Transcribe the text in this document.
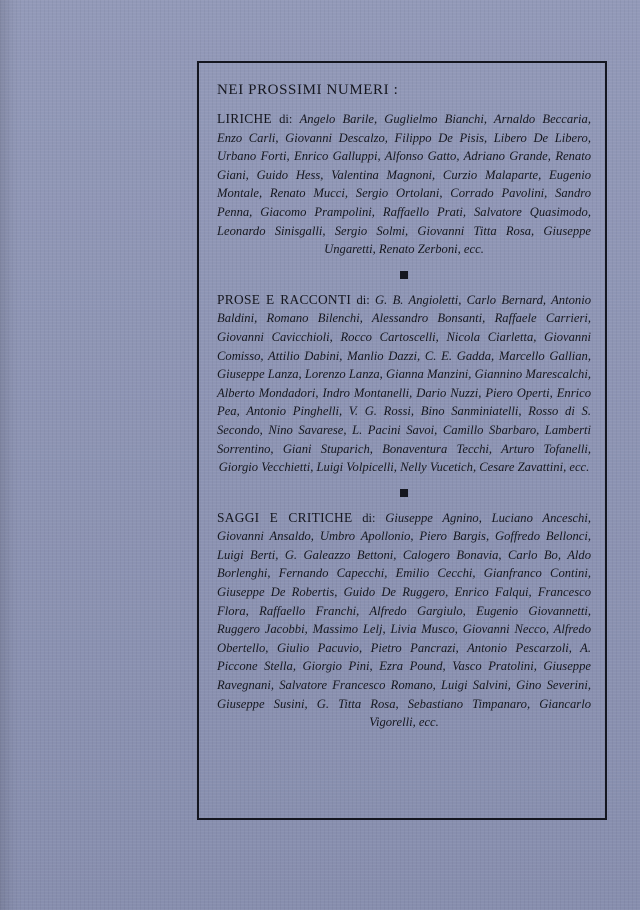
NEI PROSSIMI NUMERI :

LIRICHE di: Angelo Barile, Guglielmo Bianchi, Arnaldo Beccaria, Enzo Carli, Giovanni Descalzo, Filippo De Pisis, Libero De Libero, Urbano Forti, Enrico Galluppi, Alfonso Gatto, Adriano Grande, Renato Giani, Guido Hess, Valentina Magnoni, Curzio Malaparte, Eugenio Montale, Renato Mucci, Sergio Ortolani, Corrado Pavolini, Sandro Penna, Giacomo Prampolini, Raffaello Prati, Salvatore Quasimodo, Leonardo Sinisgalli, Sergio Solmi, Giovanni Titta Rosa, Giuseppe Ungaretti, Renato Zerboni, ecc.

PROSE E RACCONTI di: G. B. Angioletti, Carlo Bernard, Antonio Baldini, Romano Bilenchi, Alessandro Bonsanti, Raffaele Carrieri, Giovanni Cavicchioli, Rocco Cartoscelli, Nicola Ciarletta, Giovanni Comisso, Attilio Dabini, Manlio Dazzi, C. E. Gadda, Marcello Gallian, Giuseppe Lanza, Lorenzo Lanza, Gianna Manzini, Giannino Marescalchi, Alberto Mondadori, Indro Montanelli, Dario Nuzzi, Piero Operti, Enrico Pea, Antonio Pinghelli, V. G. Rossi, Bino Sanminiatelli, Rosso di S. Secondo, Nino Savarese, L. Pacini Savoi, Camillo Sbarbaro, Lamberti Sorrentino, Giani Stuparich, Bonaventura Tecchi, Arturo Tofanelli, Giorgio Vecchietti, Luigi Volpicelli, Nelly Vucetich, Cesare Zavattini, ecc.

SAGGI E CRITICHE di: Giuseppe Agnino, Luciano Anceschi, Giovanni Ansaldo, Umbro Apollonio, Piero Bargis, Goffredo Bellonci, Luigi Berti, G. Galeazzo Bettoni, Calogero Bonavia, Carlo Bo, Aldo Borlenghi, Fernando Capecchi, Emilio Cecchi, Gianfranco Contini, Giuseppe De Robertis, Guido De Ruggero, Enrico Falqui, Francesco Flora, Raffaello Franchi, Alfredo Gargiulo, Eugenio Giovannetti, Ruggero Jacobbi, Massimo Lelj, Livia Musco, Giovanni Necco, Alfredo Obertello, Giulio Pacuvio, Pietro Pancrazi, Antonio Pescarzoli, A. Piccone Stella, Giorgio Pini, Ezra Pound, Vasco Pratolini, Giuseppe Ravegnani, Salvatore Francesco Romano, Luigi Salvini, Gino Severini, Giuseppe Susini, G. Titta Rosa, Sebastiano Timpanaro, Giancarlo Vigorelli, ecc.
